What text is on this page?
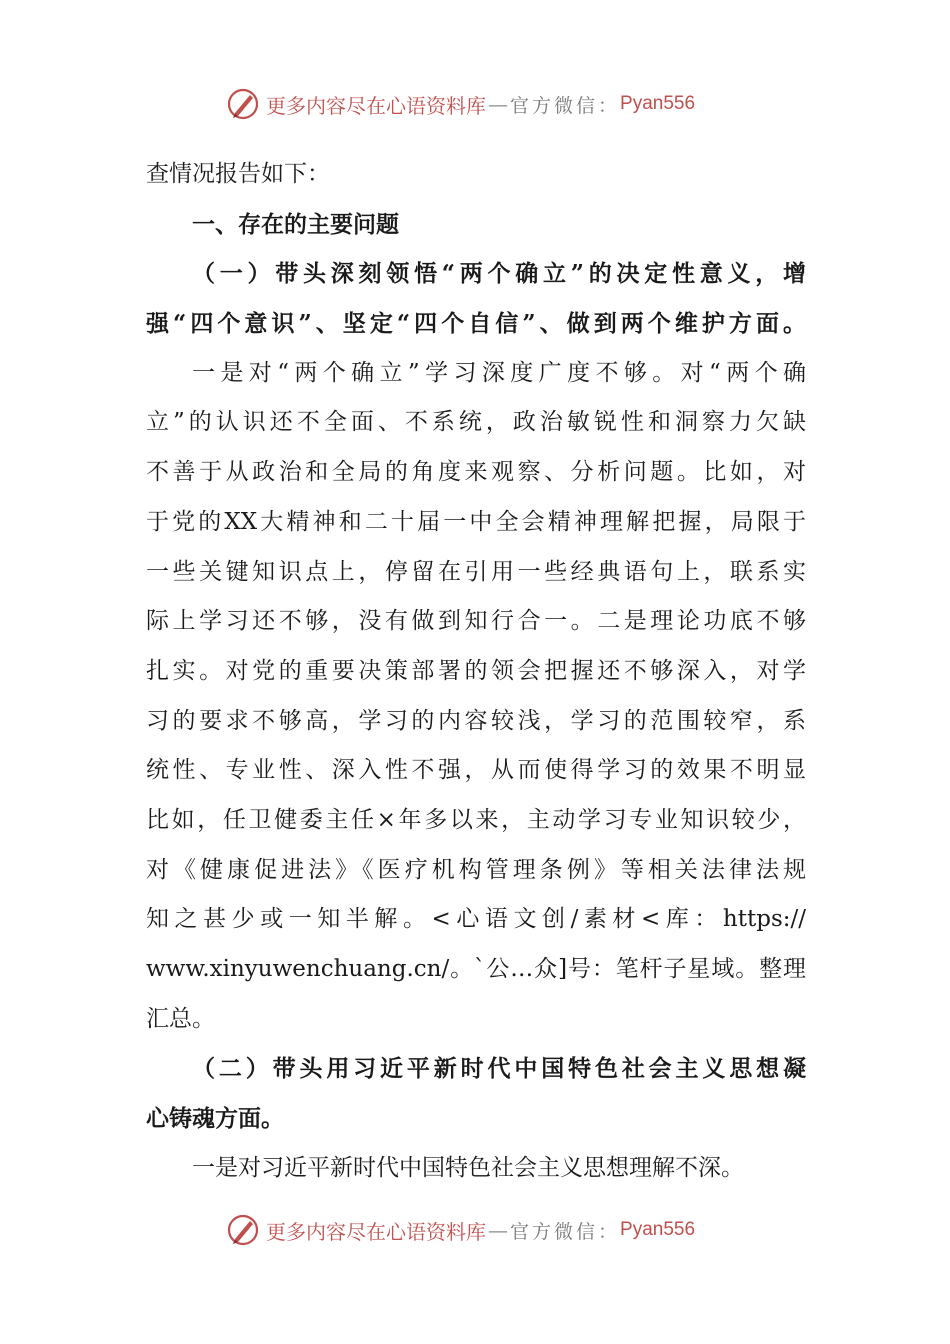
更多内容尽在心语资料库 — 官方微信： Pyan556
查情况报告如下：
一、存在的主要问题
（一）带头深刻领悟“两个确立”的决定性意义，增
强“四个意识”、坚定“四个自信”、做到两个维护方面。
一是对“两个确立”学习深度广度不够。对“两个确
立”的认识还不全面、不系统，政治敏锐性和洞察力欠缺
不善于从政治和全局的角度来观察、分析问题。比如，对
于党的XX大精神和二十届一中全会精神理解把握，局限于
一些关键知识点上，停留在引用一些经典语句上，联系实
际上学习还不够，没有做到知行合一。二是理论功底不够
扎实。对党的重要决策部署的领会把握还不够深入，对学
习的要求不够高，学习的内容较浅，学习的范围较窄，系
统性、专业性、深入性不强，从而使得学习的效果不明显
比如，任卫健委主任×年多以来，主动学习专业知识较少，
对《健康促进法》《医疗机构管理条例》等相关法律法规
知之甚少或一知半解。<心语文创/素材<库：https://
www.xinyuwenchuang.cn/。`公…众]号：笔杆子星域。整理
汇总。
（二）带头用习近平新时代中国特色社会主义思想凝
心铸魂方面。
一是对习近平新时代中国特色社会主义思想理解不深。
更多内容尽在心语资料库 — 官方微信： Pyan556
